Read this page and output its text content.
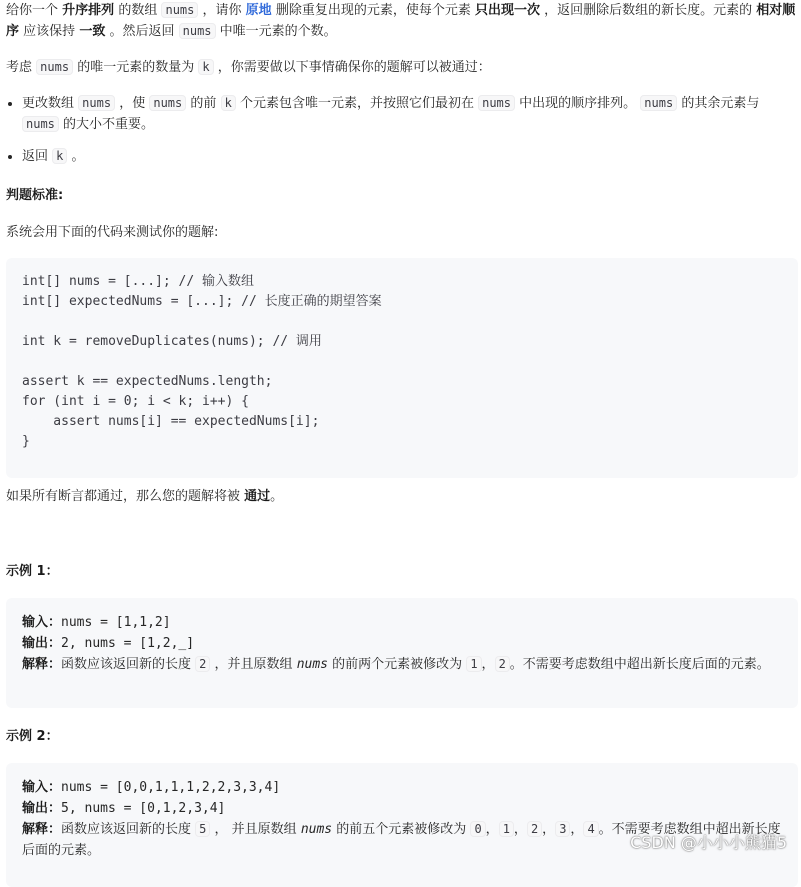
给你一个 升序排列 的数组 nums ，请你 原地 删除重复出现的元素，使每个元素 只出现一次 ，返回删除后数组的新长度。元素的 相对顺序 应该保持 一致 。然后返回 nums 中唯一元素的个数。

考虑 nums 的唯一元素的数量为 k ，你需要做以下事情确保你的题解可以被通过：

• 更改数组 nums ，使 nums 的前 k 个元素包含唯一元素，并按照它们最初在 nums 中出现的顺序排列。 nums 的其余元素与 nums 的大小不重要。
• 返回 k 。

判题标准:

系统会用下面的代码来测试你的题解:

int[] nums = [...]; // 输入数组
int[] expectedNums = [...]; // 长度正确的期望答案

int k = removeDuplicates(nums); // 调用

assert k == expectedNums.length;
for (int i = 0; i < k; i++) {
assert nums[i] == expectedNums[i];
}

如果所有断言都通过，那么您的题解将被 通过。

示例 1：

输入：nums = [1,1,2]
输出：2, nums = [1,2,_]
解释：函数应该返回新的长度 2 ，并且原数组 nums 的前两个元素被修改为 1 ， 2 。不需要考虑数组中超出新长度后面的元素。

示例 2：

输入：nums = [0,0,1,1,1,2,2,3,3,4]
输出：5, nums = [0,1,2,3,4]
解释：函数应该返回新的长度 5 ， 并且原数组 nums 的前五个元素被修改为 0 ， 1 ， 2 ， 3 ， 4 。不需要考虑数组中超出新长度后面的元素。	CSDN @小小小熊猫5
